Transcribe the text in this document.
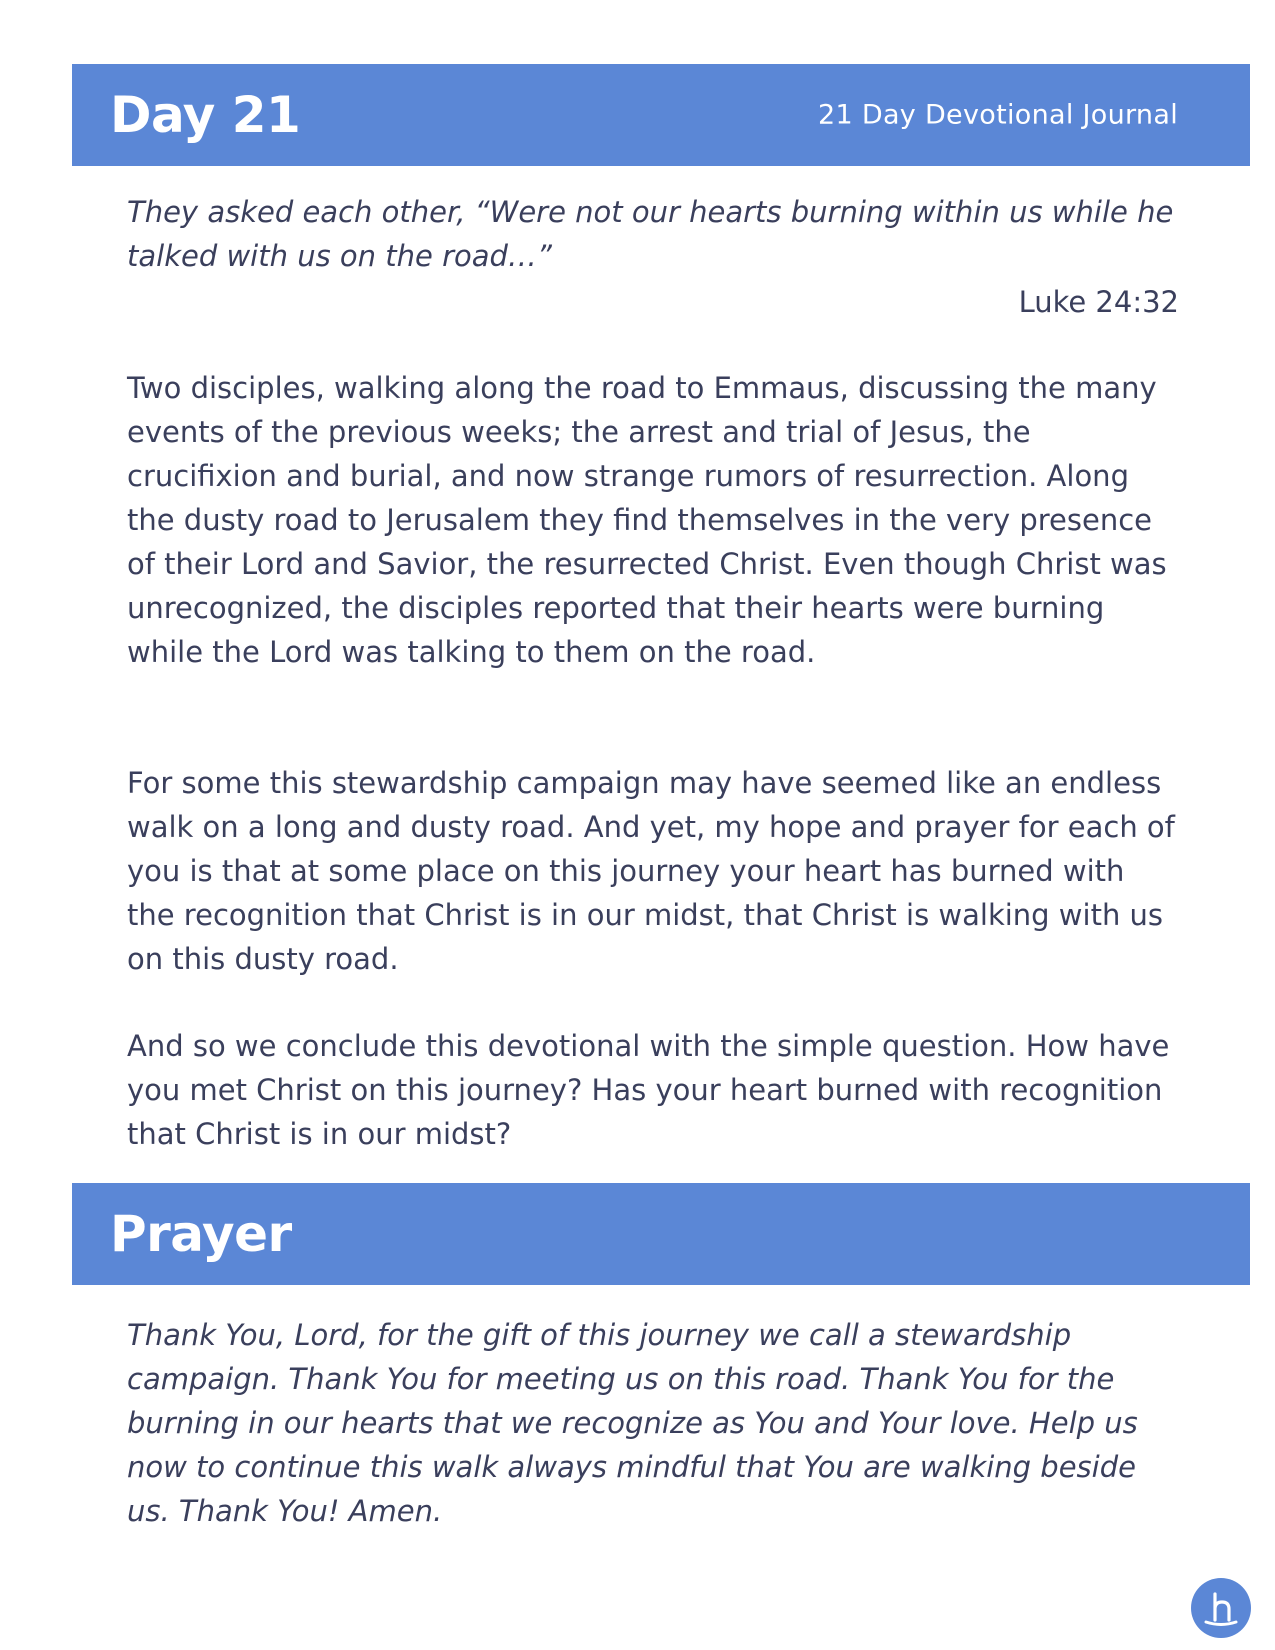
Day 21	21 Day Devotional Journal

They asked each other, “Were not our hearts burning within us while he talked with us on the road…”

Luke 24:32

Two disciples, walking along the road to Emmaus, discussing the many events of the previous weeks; the arrest and trial of Jesus, the crucifixion and burial, and now strange rumors of resurrection. Along the dusty road to Jerusalem they find themselves in the very presence of their Lord and Savior, the resurrected Christ. Even though Christ was unrecognized, the disciples reported that their hearts were burning while the Lord was talking to them on the road.

For some this stewardship campaign may have seemed like an endless walk on a long and dusty road. And yet, my hope and prayer for each of you is that at some place on this journey your heart has burned with the recognition that Christ is in our midst, that Christ is walking with us on this dusty road.

And so we conclude this devotional with the simple question. How have you met Christ on this journey? Has your heart burned with recognition that Christ is in our midst?

Prayer

Thank You, Lord, for the gift of this journey we call a stewardship campaign. Thank You for meeting us on this road. Thank You for the burning in our hearts that we recognize as You and Your love. Help us now to continue this walk always mindful that You are walking beside us. Thank You! Amen.
